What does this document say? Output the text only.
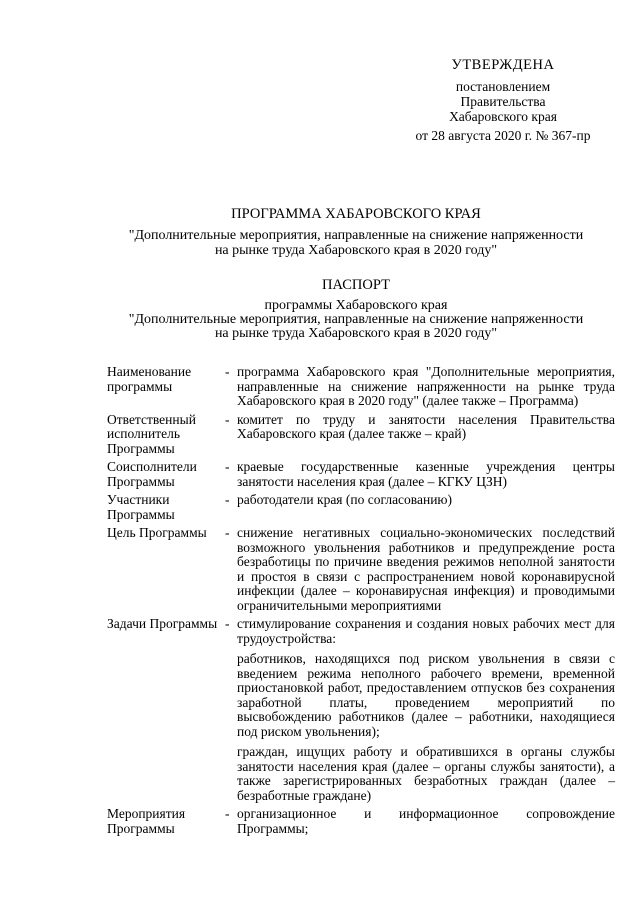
УТВЕРЖДЕНА
постановлением
Правительства
Хабаровского края
от 28 августа 2020 г. № 367-пр
ПРОГРАММА ХАБАРОВСКОГО КРАЯ
"Дополнительные мероприятия, направленные на снижение напряженности
на рынке труда Хабаровского края в 2020 году"
ПАСПОРТ
программы Хабаровского края
"Дополнительные мероприятия, направленные на снижение напряженности
на рынке труда Хабаровского края в 2020 году"
Наименование программы
- программа Хабаровского края "Дополнительные мероприятия, направленные на снижение напряженности на рынке труда Хабаровского края в 2020 году" (далее также – Программа)

Ответственный исполнитель Программы
- комитет по труду и занятости населения Правительства Хабаровского края (далее также – край)

Соисполнители Программы
- краевые государственные казенные учреждения центры занятости населения края (далее – КГКУ ЦЗН)

Участники Программы
- работодатели края (по согласованию)

Цель Программы	- снижение негативных социально-экономических последствий возможного увольнения работников и предупреждение роста безработицы по причине введения режимов неполной занятости и простоя в связи с распространением новой коронавирусной инфекции (далее – коронавирусная инфекция) и проводимыми ограничительными мероприятиями

Задачи Программы - стимулирование сохранения и создания новых рабочих мест для трудоустройства:

работников, находящихся под риском увольнения в связи с введением режима неполного рабочего времени, временной приостановкой работ, предоставлением отпусков без сохранения заработной платы, проведением мероприятий по высвобождению работников (далее – работники, находящиеся под риском увольнения);

граждан, ищущих работу и обратившихся в органы службы занятости населения края (далее – органы службы занятости), а также зарегистрированных безработных граждан (далее – безработные граждане)

Мероприятия Программы
- организационное и информационное сопровождение Программы;
